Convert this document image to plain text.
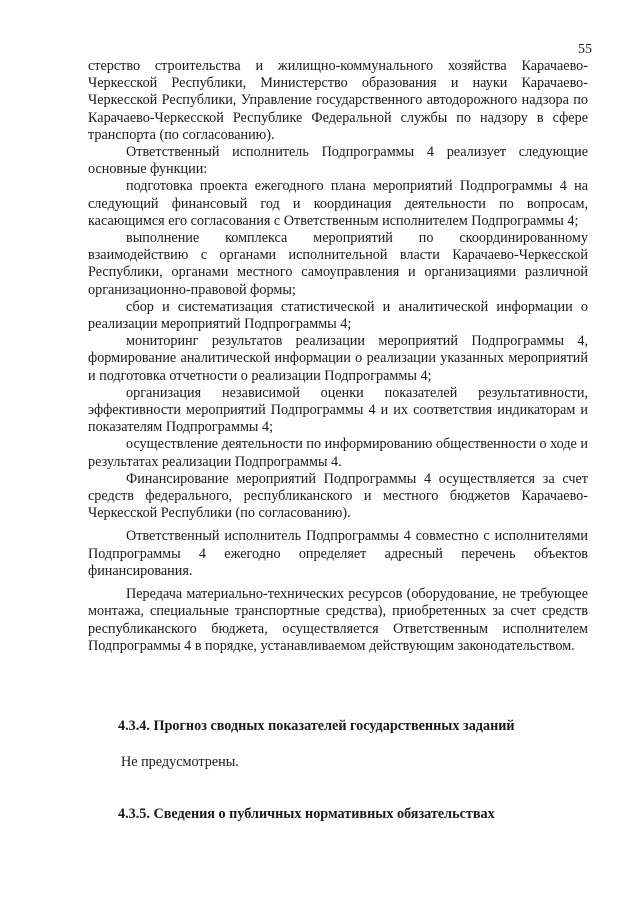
55

стерство строительства и жилищно-коммунального хозяйства Карачаево-Черкесской Республики, Министерство образования и науки Карачаево-Черкесской Республики, Управление государственного автодорожного надзора по Карачаево-Черкесской Республике Федеральной службы по надзору в сфере транспорта (по согласованию).

Ответственный исполнитель Подпрограммы 4 реализует следующие основные функции:

подготовка проекта ежегодного плана мероприятий Подпрограммы 4 на следующий финансовый год и координация деятельности по вопросам, касающимся его согласования с Ответственным исполнителем Подпрограммы 4;

выполнение комплекса мероприятий по скоординированному взаимодействию с органами исполнительной власти Карачаево-Черкесской Республики, органами местного самоуправления и организациями различной организационно-правовой формы;

сбор и систематизация статистической и аналитической информации о реализации мероприятий Подпрограммы 4;

мониторинг результатов реализации мероприятий Подпрограммы 4, формирование аналитической информации о реализации указанных мероприятий и подготовка отчетности о реализации Подпрограммы 4;

организация независимой оценки показателей результативности, эффективности мероприятий Подпрограммы 4 и их соответствия индикаторам и показателям Подпрограммы 4;

осуществление деятельности по информированию общественности о ходе и результатах реализации Подпрограммы 4.

Финансирование мероприятий Подпрограммы 4 осуществляется за счет средств федерального, республиканского и местного бюджетов Карачаево-Черкесской Республики (по согласованию).

Ответственный исполнитель Подпрограммы 4 совместно с исполнителями Подпрограммы 4 ежегодно определяет адресный перечень объектов финансирования.

Передача материально-технических ресурсов (оборудование, не требующее монтажа, специальные транспортные средства), приобретенных за счет средств республиканского бюджета, осуществляется Ответственным исполнителем Подпрограммы 4 в порядке, устанавливаемом действующим законодательством.

4.3.4. Прогноз сводных показателей государственных заданий
Не предусмотрены.
4.3.5. Сведения о публичных нормативных обязательствах
